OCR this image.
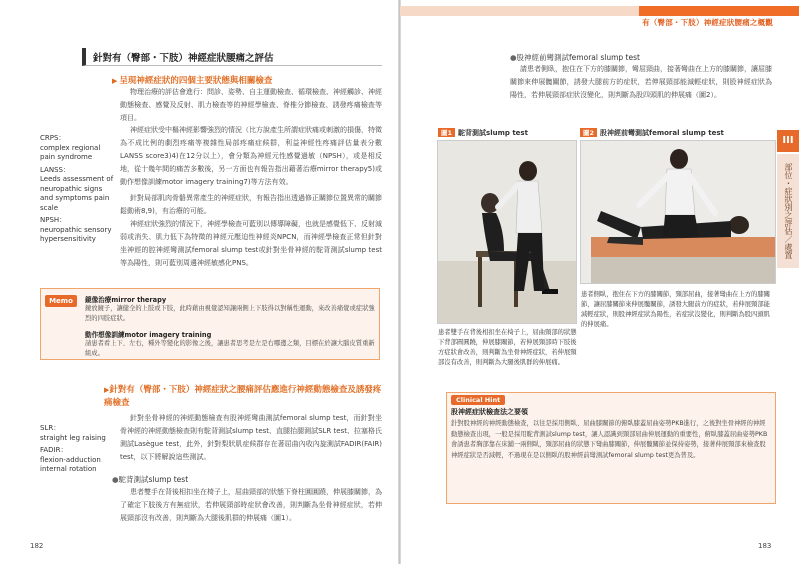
針對有（臀部・下肢）神經症狀腰痛之評估
▶ 呈現神經症狀的四個主要狀態與相關檢查
物理治療的評估會進行：問診、姿勢、自主運動檢查、循環檢查、神經觸診、神經動態檢查、感覺及反射、肌力檢查等的神經學檢查、脊椎分節檢查、誘發疼痛檢查等項目。
神經症狀受中樞神經影響強烈的情況（比方說產生所謂症狀痛或刺激的損傷，特徵為不成比例的劇烈疼痛等複雜性局部疼痛症候群，利益神經性疼痛評估量表分數LANSS score3)4)在12分以上），會分類為神經元性感覺過敏（NPSH），或是相反地，從十幾年間的痛苦多數後，另一方面也有報告指出藉著治療mirror therapy5)或動作想像訓練motor imagery training7)等方法有效。
針對局部肌肉骨骼異常產生的神經症狀，有報告指出透過修正關節位置異常的關節鬆動術8,9)，有治療的可能。
神經症狀強烈的情況下，神經學檢查可藍別以傳導障礙，也就是感覺低下、反射減弱或消失、肌力低下為特徵的神經元壓迫性神經炎NPCN，而神經學檢查正常但針對坐神經的腔神經彎測試femoral slump test或針對坐骨神經的駝背測試slump test等為陽性，則可藍別周邊神經敏感化PNS。

CRPS：
complex regional pain syndrome

LANSS：
Leeds assessment of neuropathic signs and symptoms pain scale

NPSH：
neuropathic sensory hypersensitivity

Memo	鏡像治療mirror therapy
鏡放鏡子，讓健全的上肢或下肢，此時藉由視覺認知讓兩側上下肢得以對稱性運動，來改善痛覺或症狀強烈的四肢症狀。
動作想像訓練motor imagery training
請患者看上下、左右，種外等變化的影像之後，讓患者思考是左是右哪邊之類，目標在於讓大腦皮質重新組成。
▶針對有（臀部・下肢）神經症狀之腰痛評估應進行神經動態檢查及誘發疼痛檢查

SLR：
straight leg raising

FADIR：
flexion-adduction internal rotation

針對坐骨神經的神經動態檢查有股神經彎曲測試femoral slump test，而針對坐骨神經的神經動態檢查則有駝背測試slump test、直腿抬腿測試SLR test、拉塞格氏測試Lasègue test，此外，針對梨狀肌症候群存在著屈曲內收內旋測試FADIR(FAIR) test，以下將解說這些測試。
●駝背測試slump test
患者雙手在背後相扣坐在椅子上，屈曲頸部的狀態下脊柱圓圓蹺，伸展膝關節，為了確定下肢後方有無症狀，若伸展頸部時症狀會改善，則判斷為坐骨神經症狀，若伸展頸部沒有改善，則判斷為大腿後肌群的伸展痛（圖1）。
182
有（臀部・下肢）神經症狀腰痛之概觀
III
部位・症狀別之評估／處置
●股神經前彎測試femoral slump test
請患者側臥，抱住在下方的膝關節，彎屈頸曲，接著彎曲在上方的膝關節，讓屈膝關節來伸展髖關節，誘發大腿前方的症狀，若伸展頸部能減輕症狀，則股神經症狀為陽性，若伸展頸部症狀沒變化，則判斷為股四頭肌的伸展痛（圖2）。
圖1 駝背測試slump test	圖2 股神經前彎測試femoral slump test
患者側臥，抱住在下方的膝關節，頸部屈曲，接著彎曲在上方的膝關節，讓屈膝關節來伸展髖關節，誘發大腿前方的症狀，若伸展頸部能減輕症狀，則股神經症狀為陽性，若症狀沒變化，則判斷為股四頭肌的伸展痛。
患者雙手在背後相扣坐在椅子上，屈曲頸部的狀態下背部圓圓蹺，伸展膝關節，若伸展頸部時下肢後方症狀會改善，則判斷為坐骨神經症狀，若伸展頸部沒有改善，則判斷為大腿後肌群的伸展痛。
Clinical Hint
股神經症狀檢查法之要領
針對股神經的神經動態檢查，以往是採用側臥、屈曲膝關節的俯臥膝蓋屈曲姿勢PKB進行，之後對坐骨神經的神經動態檢查出現，一般是採用駝背測試slump test，讓人認識到頸部屈曲伸展運動的重要性，俯臥膝蓋屈曲姿勢PKB會誘患者胸部靠在床鋪一兩側臥，頸部屈曲的狀態下彎曲膝關節，伸展髖關節並保持姿勢，接著伸展頸部來檢查股神經症狀是否減輕，不過現在是以側臥的股神經前彎測試femoral slump test更為普及。
183
